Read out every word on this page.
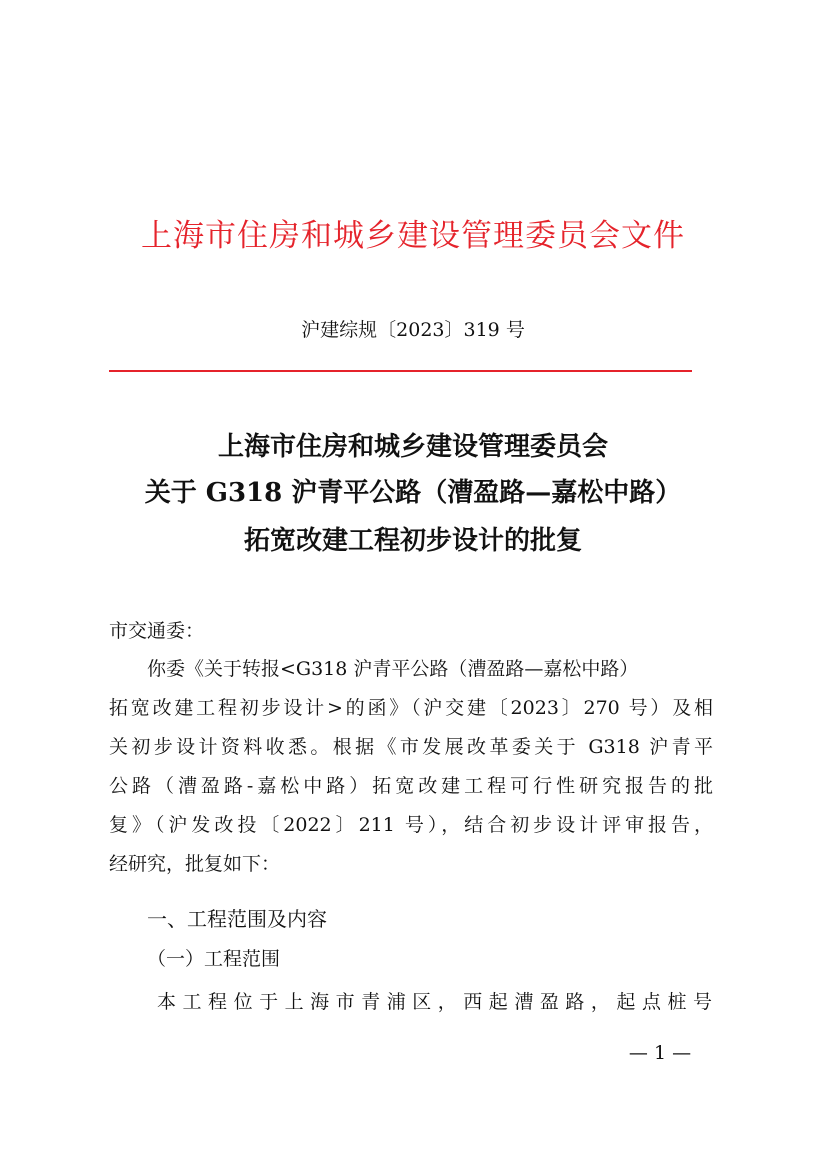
上海市住房和城乡建设管理委员会文件
沪建综规〔2023〕319 号
上海市住房和城乡建设管理委员会
关于 G318 沪青平公路（漕盈路—嘉松中路）
拓宽改建工程初步设计的批复
市交通委：
你委《关于转报<G318 沪青平公路（漕盈路—嘉松中路）
拓宽改建工程初步设计>的函》（沪交建〔2023〕270 号）及相
关初步设计资料收悉。根据《市发展改革委关于 G318 沪青平
公路（漕盈路-嘉松中路）拓宽改建工程可行性研究报告的批
复》（沪发改投〔2022〕211 号），结合初步设计评审报告，
经研究，批复如下：
一、工程范围及内容
（一）工程范围
本工程位于上海市青浦区，西起漕盈路，起点桩号
— 1 —
